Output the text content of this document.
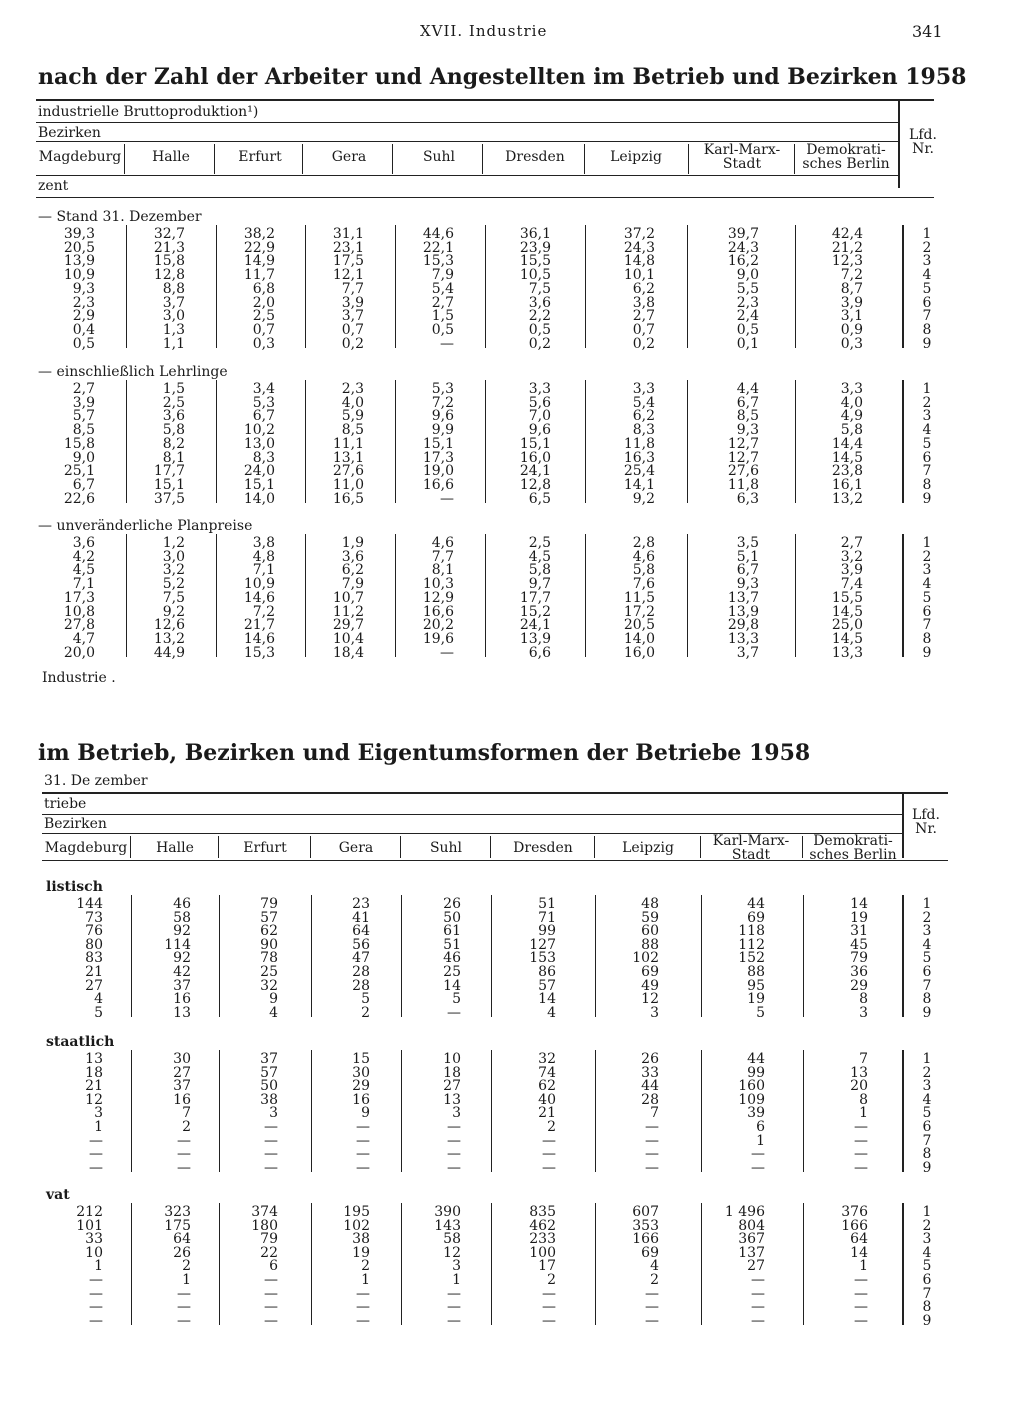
XVII. Industrie	341
nach der Zahl der Arbeiter und Angestellten im Betrieb und Bezirken 1958
industrielle Bruttoproduktion¹)
Bezirken	Lfd.
Nr.
Magdeburg	Halle	Erfurt	Gera	Suhl	Dresden	Leipzig	Karl-Marx-
Stadt
Demokrati-
sches Berlin
zent
— Stand 31. Dezember
39,3	32,7	38,2	31,1	44,6	36,1	37,2	39,7	42,4	1
20,5	21,3	22,9	23,1	22,1	23,9	24,3	24,3	21,2	2
13,9	15,8	14,9	17,5	15,3	15,5	14,8	16,2	12,3	3
10,9	12,8	11,7	12,1	7,9	10,5	10,1	9,0	7,2	4
9,3	8,8	6,8	7,7	5,4	7,5	6,2	5,5	8,7	5
2,3	3,7	2,0	3,9	2,7	3,6	3,8	2,3	3,9	6
2,9	3,0	2,5	3,7	1,5	2,2	2,7	2,4	3,1	7
0,4	1,3	0,7	0,7	0,5	0,5	0,7	0,5	0,9	8
0,5	1,1	0,3	0,2	—	0,2	0,2	0,1	0,3	9
— einschließlich Lehrlinge
2,7	1,5	3,4	2,3	5,3	3,3	3,3	4,4	3,3	1
3,9	2,5	5,3	4,0	7,2	5,6	5,4	6,7	4,0	2
5,7	3,6	6,7	5,9	9,6	7,0	6,2	8,5	4,9	3
8,5	5,8	10,2	8,5	9,9	9,6	8,3	9,3	5,8	4
15,8	8,2	13,0	11,1	15,1	15,1	11,8	12,7	14,4	5
9,0	8,1	8,3	13,1	17,3	16,0	16,3	12,7	14,5	6
25,1	17,7	24,0	27,6	19,0	24,1	25,4	27,6	23,8	7
6,7	15,1	15,1	11,0	16,6	12,8	14,1	11,8	16,1	8
22,6	37,5	14,0	16,5	—	6,5	9,2	6,3	13,2	9
— unveränderliche Planpreise
3,6	1,2	3,8	1,9	4,6	2,5	2,8	3,5	2,7	1
4,2	3,0	4,8	3,6	7,7	4,5	4,6	5,1	3,2	2
4,5	3,2	7,1	6,2	8,1	5,8	5,8	6,7	3,9	3
7,1	5,2	10,9	7,9	10,3	9,7	7,6	9,3	7,4	4
17,3	7,5	14,6	10,7	12,9	17,7	11,5	13,7	15,5	5
10,8	9,2	7,2	11,2	16,6	15,2	17,2	13,9	14,5	6
27,8	12,6	21,7	29,7	20,2	24,1	20,5	29,8	25,0	7
4,7	13,2	14,6	10,4	19,6	13,9	14,0	13,3	14,5	8
20,0	44,9	15,3	18,4	—	6,6	16,0	3,7	13,3	9
Industrie .
im Betrieb, Bezirken und Eigentumsformen der Betriebe 1958
31. De zember
triebe
Bezirken
Lfd.
Nr.
Magdeburg	Halle	Erfurt	Gera	Suhl	Dresden	Leipzig	Karl-Marx-
Stadt
Demokrati-
sches Berlin
listisch
144	46	79	23	26	51	48	44	14	1
73	58	57	41	50	71	59	69	19	2
76	92	62	64	61	99	60	118	31	3
80	114	90	56	51	127	88	112	45	4
83	92	78	47	46	153	102	152	79	5
21	42	25	28	25	86	69	88	36	6
27	37	32	28	14	57	49	95	29	7
4	16	9	5	5	14	12	19	8	8
5	13	4	2	—	4	3	5	3	9
staatlich
13	30	37	15	10	32	26	44	7	1
18	27	57	30	18	74	33	99	13	2
21	37	50	29	27	62	44	160	20	3
12	16	38	16	13	40	28	109	8	4
3	7	3	9	3	21	7	39	1	5
1	2	—	—	—	2	—	6	—	6
—	—	—	—	—	—	—	1	—	7
—	—	—	—	—	—	—	—	—	8
—	—	—	—	—	—	—	—	—	9
vat
212	323	374	195	390	835	607	1 496	376	1
101	175	180	102	143	462	353	804	166	2
33	64	79	38	58	233	166	367	64	3
10	26	22	19	12	100	69	137	14	4
1	2	6	2	3	17	4	27	1	5
—	1	—	1	1	2	2	—	—	6
—	—	—	—	—	—	—	—	—	7
—	—	—	—	—	—	—	—	—	8
—	—	—	—	—	—	—	—	—	9
